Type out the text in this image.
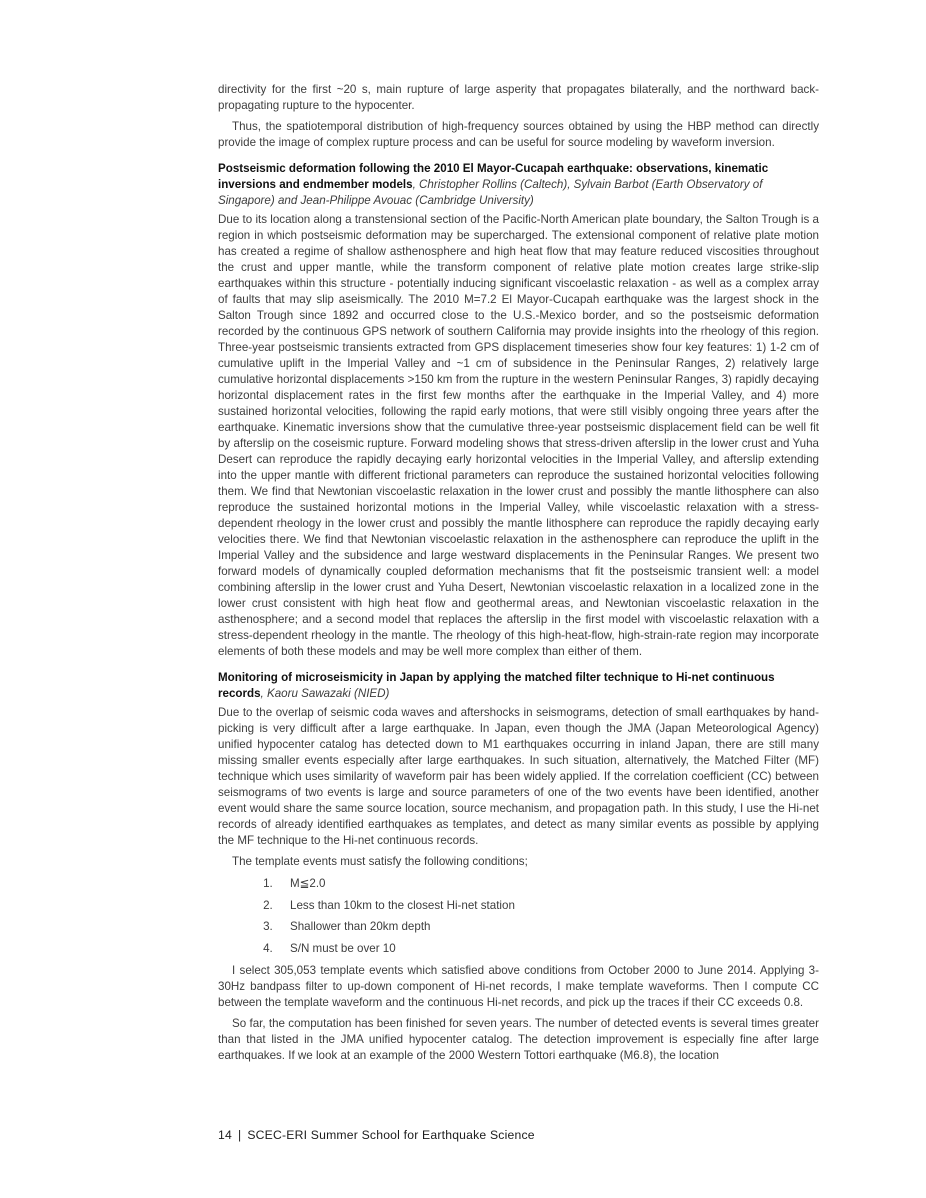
directivity for the first ~20 s, main rupture of large asperity that propagates bilaterally, and the northward back-propagating rupture to the hypocenter.

Thus, the spatiotemporal distribution of high-frequency sources obtained by using the HBP method can directly provide the image of complex rupture process and can be useful for source modeling by waveform inversion.

Postseismic deformation following the 2010 El Mayor-Cucapah earthquake: observations, kinematic inversions and endmember models, Christopher Rollins (Caltech), Sylvain Barbot (Earth Observatory of Singapore) and Jean-Philippe Avouac (Cambridge University)

Due to its location along a transtensional section of the Pacific-North American plate boundary, the Salton Trough is a region in which postseismic deformation may be supercharged. The extensional component of relative plate motion has created a regime of shallow asthenosphere and high heat flow that may feature reduced viscosities throughout the crust and upper mantle, while the transform component of relative plate motion creates large strike-slip earthquakes within this structure - potentially inducing significant viscoelastic relaxation - as well as a complex array of faults that may slip aseismically. The 2010 M=7.2 El Mayor-Cucapah earthquake was the largest shock in the Salton Trough since 1892 and occurred close to the U.S.-Mexico border, and so the postseismic deformation recorded by the continuous GPS network of southern California may provide insights into the rheology of this region. Three-year postseismic transients extracted from GPS displacement timeseries show four key features: 1) 1-2 cm of cumulative uplift in the Imperial Valley and ~1 cm of subsidence in the Peninsular Ranges, 2) relatively large cumulative horizontal displacements >150 km from the rupture in the western Peninsular Ranges, 3) rapidly decaying horizontal displacement rates in the first few months after the earthquake in the Imperial Valley, and 4) more sustained horizontal velocities, following the rapid early motions, that were still visibly ongoing three years after the earthquake. Kinematic inversions show that the cumulative three-year postseismic displacement field can be well fit by afterslip on the coseismic rupture. Forward modeling shows that stress-driven afterslip in the lower crust and Yuha Desert can reproduce the rapidly decaying early horizontal velocities in the Imperial Valley, and afterslip extending into the upper mantle with different frictional parameters can reproduce the sustained horizontal velocities following them. We find that Newtonian viscoelastic relaxation in the lower crust and possibly the mantle lithosphere can also reproduce the sustained horizontal motions in the Imperial Valley, while viscoelastic relaxation with a stress-dependent rheology in the lower crust and possibly the mantle lithosphere can reproduce the rapidly decaying early velocities there. We find that Newtonian viscoelastic relaxation in the asthenosphere can reproduce the uplift in the Imperial Valley and the subsidence and large westward displacements in the Peninsular Ranges. We present two forward models of dynamically coupled deformation mechanisms that fit the postseismic transient well: a model combining afterslip in the lower crust and Yuha Desert, Newtonian viscoelastic relaxation in a localized zone in the lower crust consistent with high heat flow and geothermal areas, and Newtonian viscoelastic relaxation in the asthenosphere; and a second model that replaces the afterslip in the first model with viscoelastic relaxation with a stress-dependent rheology in the mantle. The rheology of this high-heat-flow, high-strain-rate region may incorporate elements of both these models and may be well more complex than either of them.

Monitoring of microseismicity in Japan by applying the matched filter technique to Hi-net continuous records, Kaoru Sawazaki (NIED)

Due to the overlap of seismic coda waves and aftershocks in seismograms, detection of small earthquakes by hand-picking is very difficult after a large earthquake. In Japan, even though the JMA (Japan Meteorological Agency) unified hypocenter catalog has detected down to M1 earthquakes occurring in inland Japan, there are still many missing smaller events especially after large earthquakes. In such situation, alternatively, the Matched Filter (MF) technique which uses similarity of waveform pair has been widely applied. If the correlation coefficient (CC) between seismograms of two events is large and source parameters of one of the two events have been identified, another event would share the same source location, source mechanism, and propagation path. In this study, I use the Hi-net records of already identified earthquakes as templates, and detect as many similar events as possible by applying the MF technique to the Hi-net continuous records.

The template events must satisfy the following conditions;

1. M≦2.0
2. Less than 10km to the closest Hi-net station
3. Shallower than 20km depth
4. S/N must be over 10

I select 305,053 template events which satisfied above conditions from October 2000 to June 2014. Applying 3-30Hz bandpass filter to up-down component of Hi-net records, I make template waveforms. Then I compute CC between the template waveform and the continuous Hi-net records, and pick up the traces if their CC exceeds 0.8.

So far, the computation has been finished for seven years. The number of detected events is several times greater than that listed in the JMA unified hypocenter catalog. The detection improvement is especially fine after large earthquakes. If we look at an example of the 2000 Western Tottori earthquake (M6.8), the location

14 | SCEC-ERI Summer School for Earthquake Science
